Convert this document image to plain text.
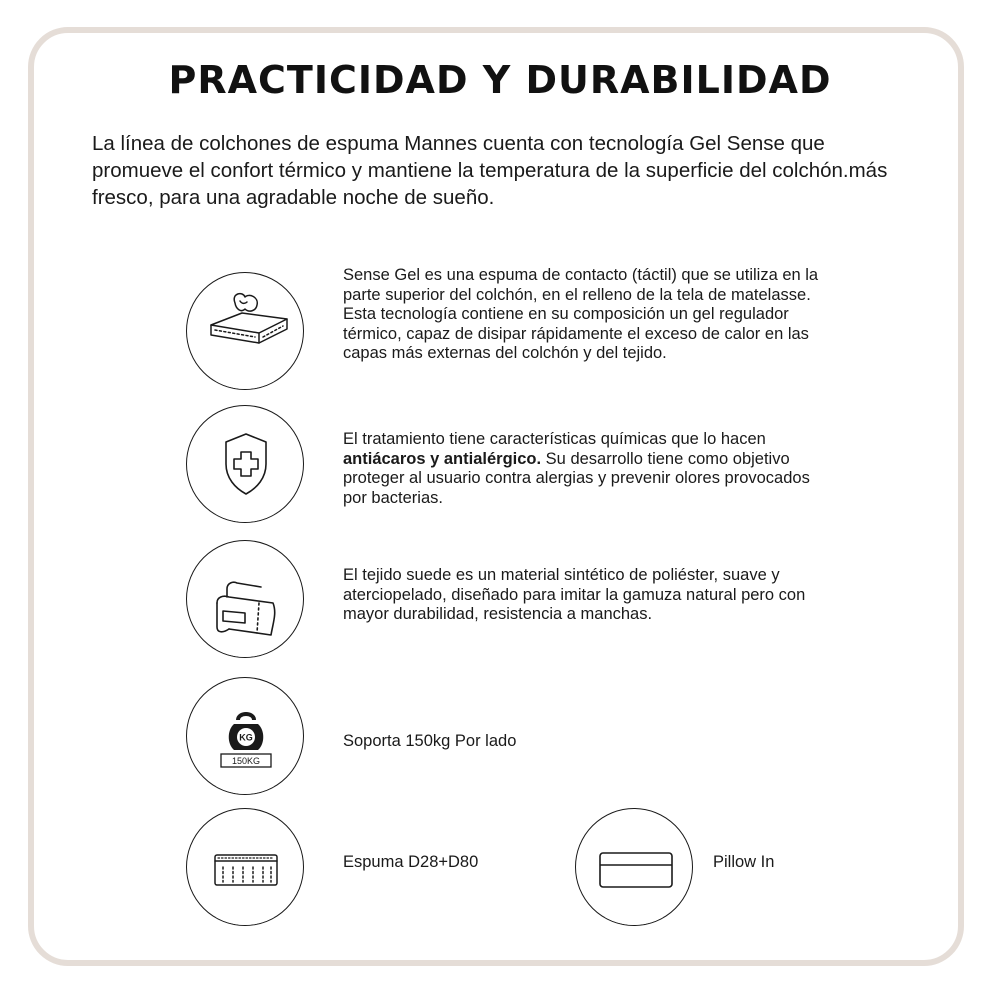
PRACTICIDAD Y DURABILIDAD

La línea de colchones de espuma Mannes cuenta con tecnología Gel Sense que promueve el confort térmico y mantiene la temperatura de la superficie del colchón.más fresco, para una agradable noche de sueño.

Sense Gel es una espuma de contacto (táctil) que se utiliza en la parte superior del colchón, en el relleno de la tela de matelasse. Esta tecnología contiene en su composición un gel regulador térmico, capaz de disipar rápidamente el exceso de calor en las capas más externas del colchón y del tejido.

El tratamiento tiene características químicas que lo hacen antiácaros y antialérgico. Su desarrollo tiene como objetivo proteger al usuario contra alergias y prevenir olores provocados por bacterias.

El tejido suede es un material sintético de poliéster, suave y aterciopelado, diseñado para imitar la gamuza natural pero con mayor durabilidad, resistencia a manchas.

KG
150KG

Soporta 150kg Por lado

Espuma D28+D80	Pillow In
